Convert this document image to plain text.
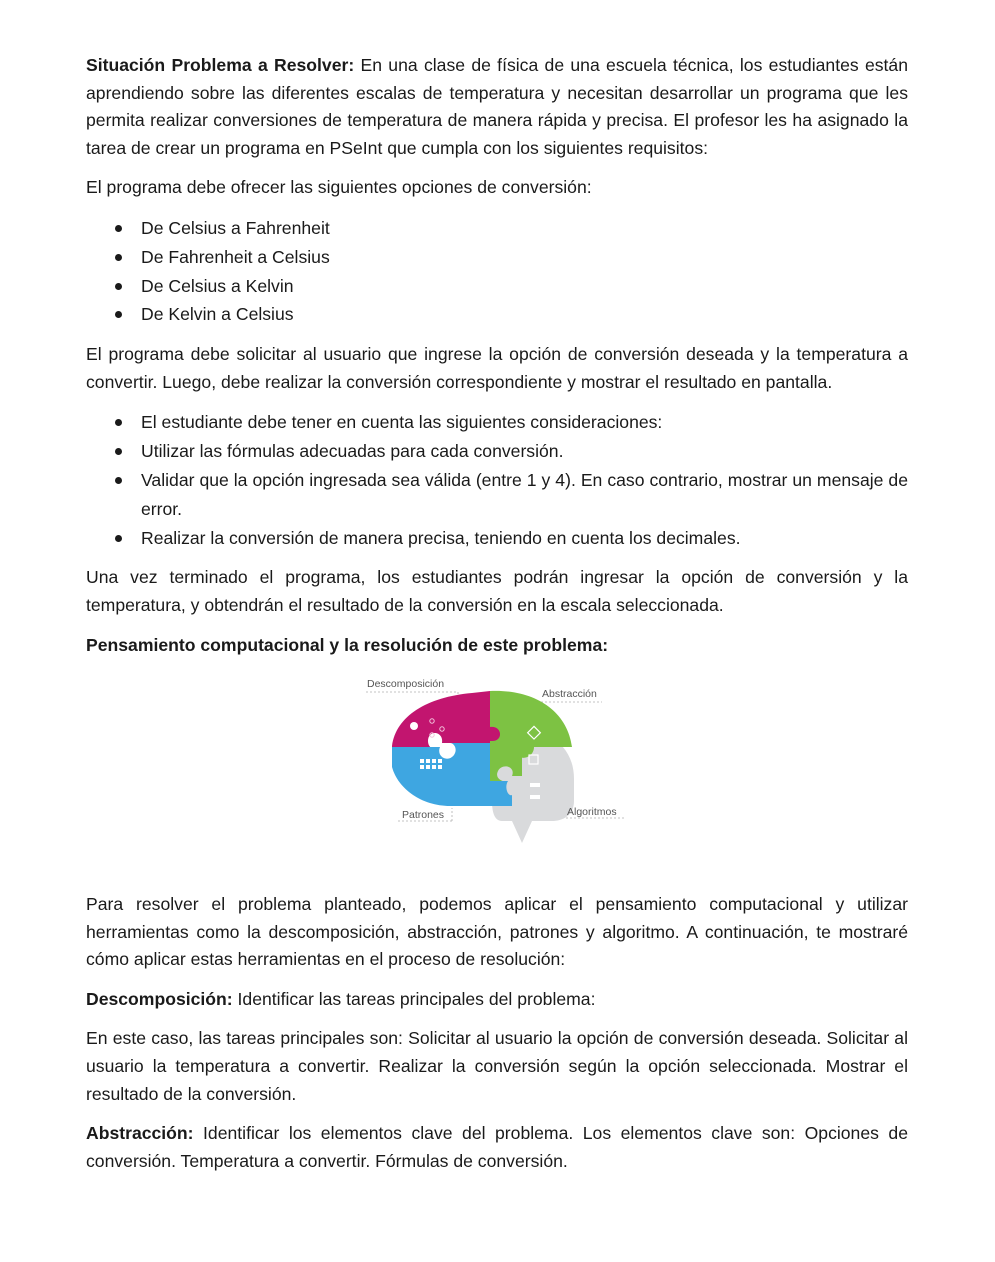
Situación Problema a Resolver: En una clase de física de una escuela técnica, los estudiantes están aprendiendo sobre las diferentes escalas de temperatura y necesitan desarrollar un programa que les permita realizar conversiones de temperatura de manera rápida y precisa. El profesor les ha asignado la tarea de crear un programa en PSeInt que cumpla con los siguientes requisitos:

El programa debe ofrecer las siguientes opciones de conversión:

De Celsius a Fahrenheit
De Fahrenheit a Celsius
De Celsius a Kelvin
De Kelvin a Celsius

El programa debe solicitar al usuario que ingrese la opción de conversión deseada y la temperatura a convertir. Luego, debe realizar la conversión correspondiente y mostrar el resultado en pantalla.

El estudiante debe tener en cuenta las siguientes consideraciones:
Utilizar las fórmulas adecuadas para cada conversión.
Validar que la opción ingresada sea válida (entre 1 y 4). En caso contrario, mostrar un mensaje de error.
Realizar la conversión de manera precisa, teniendo en cuenta los decimales.

Una vez terminado el programa, los estudiantes podrán ingresar la opción de conversión y la temperatura, y obtendrán el resultado de la conversión en la escala seleccionada.

Pensamiento computacional y la resolución de este problema:

Descomposición
Abstracción
Patrones	Algoritmos

Para resolver el problema planteado, podemos aplicar el pensamiento computacional y utilizar herramientas como la descomposición, abstracción, patrones y algoritmo. A continuación, te mostraré cómo aplicar estas herramientas en el proceso de resolución:

Descomposición: Identificar las tareas principales del problema:

En este caso, las tareas principales son: Solicitar al usuario la opción de conversión deseada. Solicitar al usuario la temperatura a convertir. Realizar la conversión según la opción seleccionada. Mostrar el resultado de la conversión.

Abstracción: Identificar los elementos clave del problema. Los elementos clave son: Opciones de conversión. Temperatura a convertir. Fórmulas de conversión.
